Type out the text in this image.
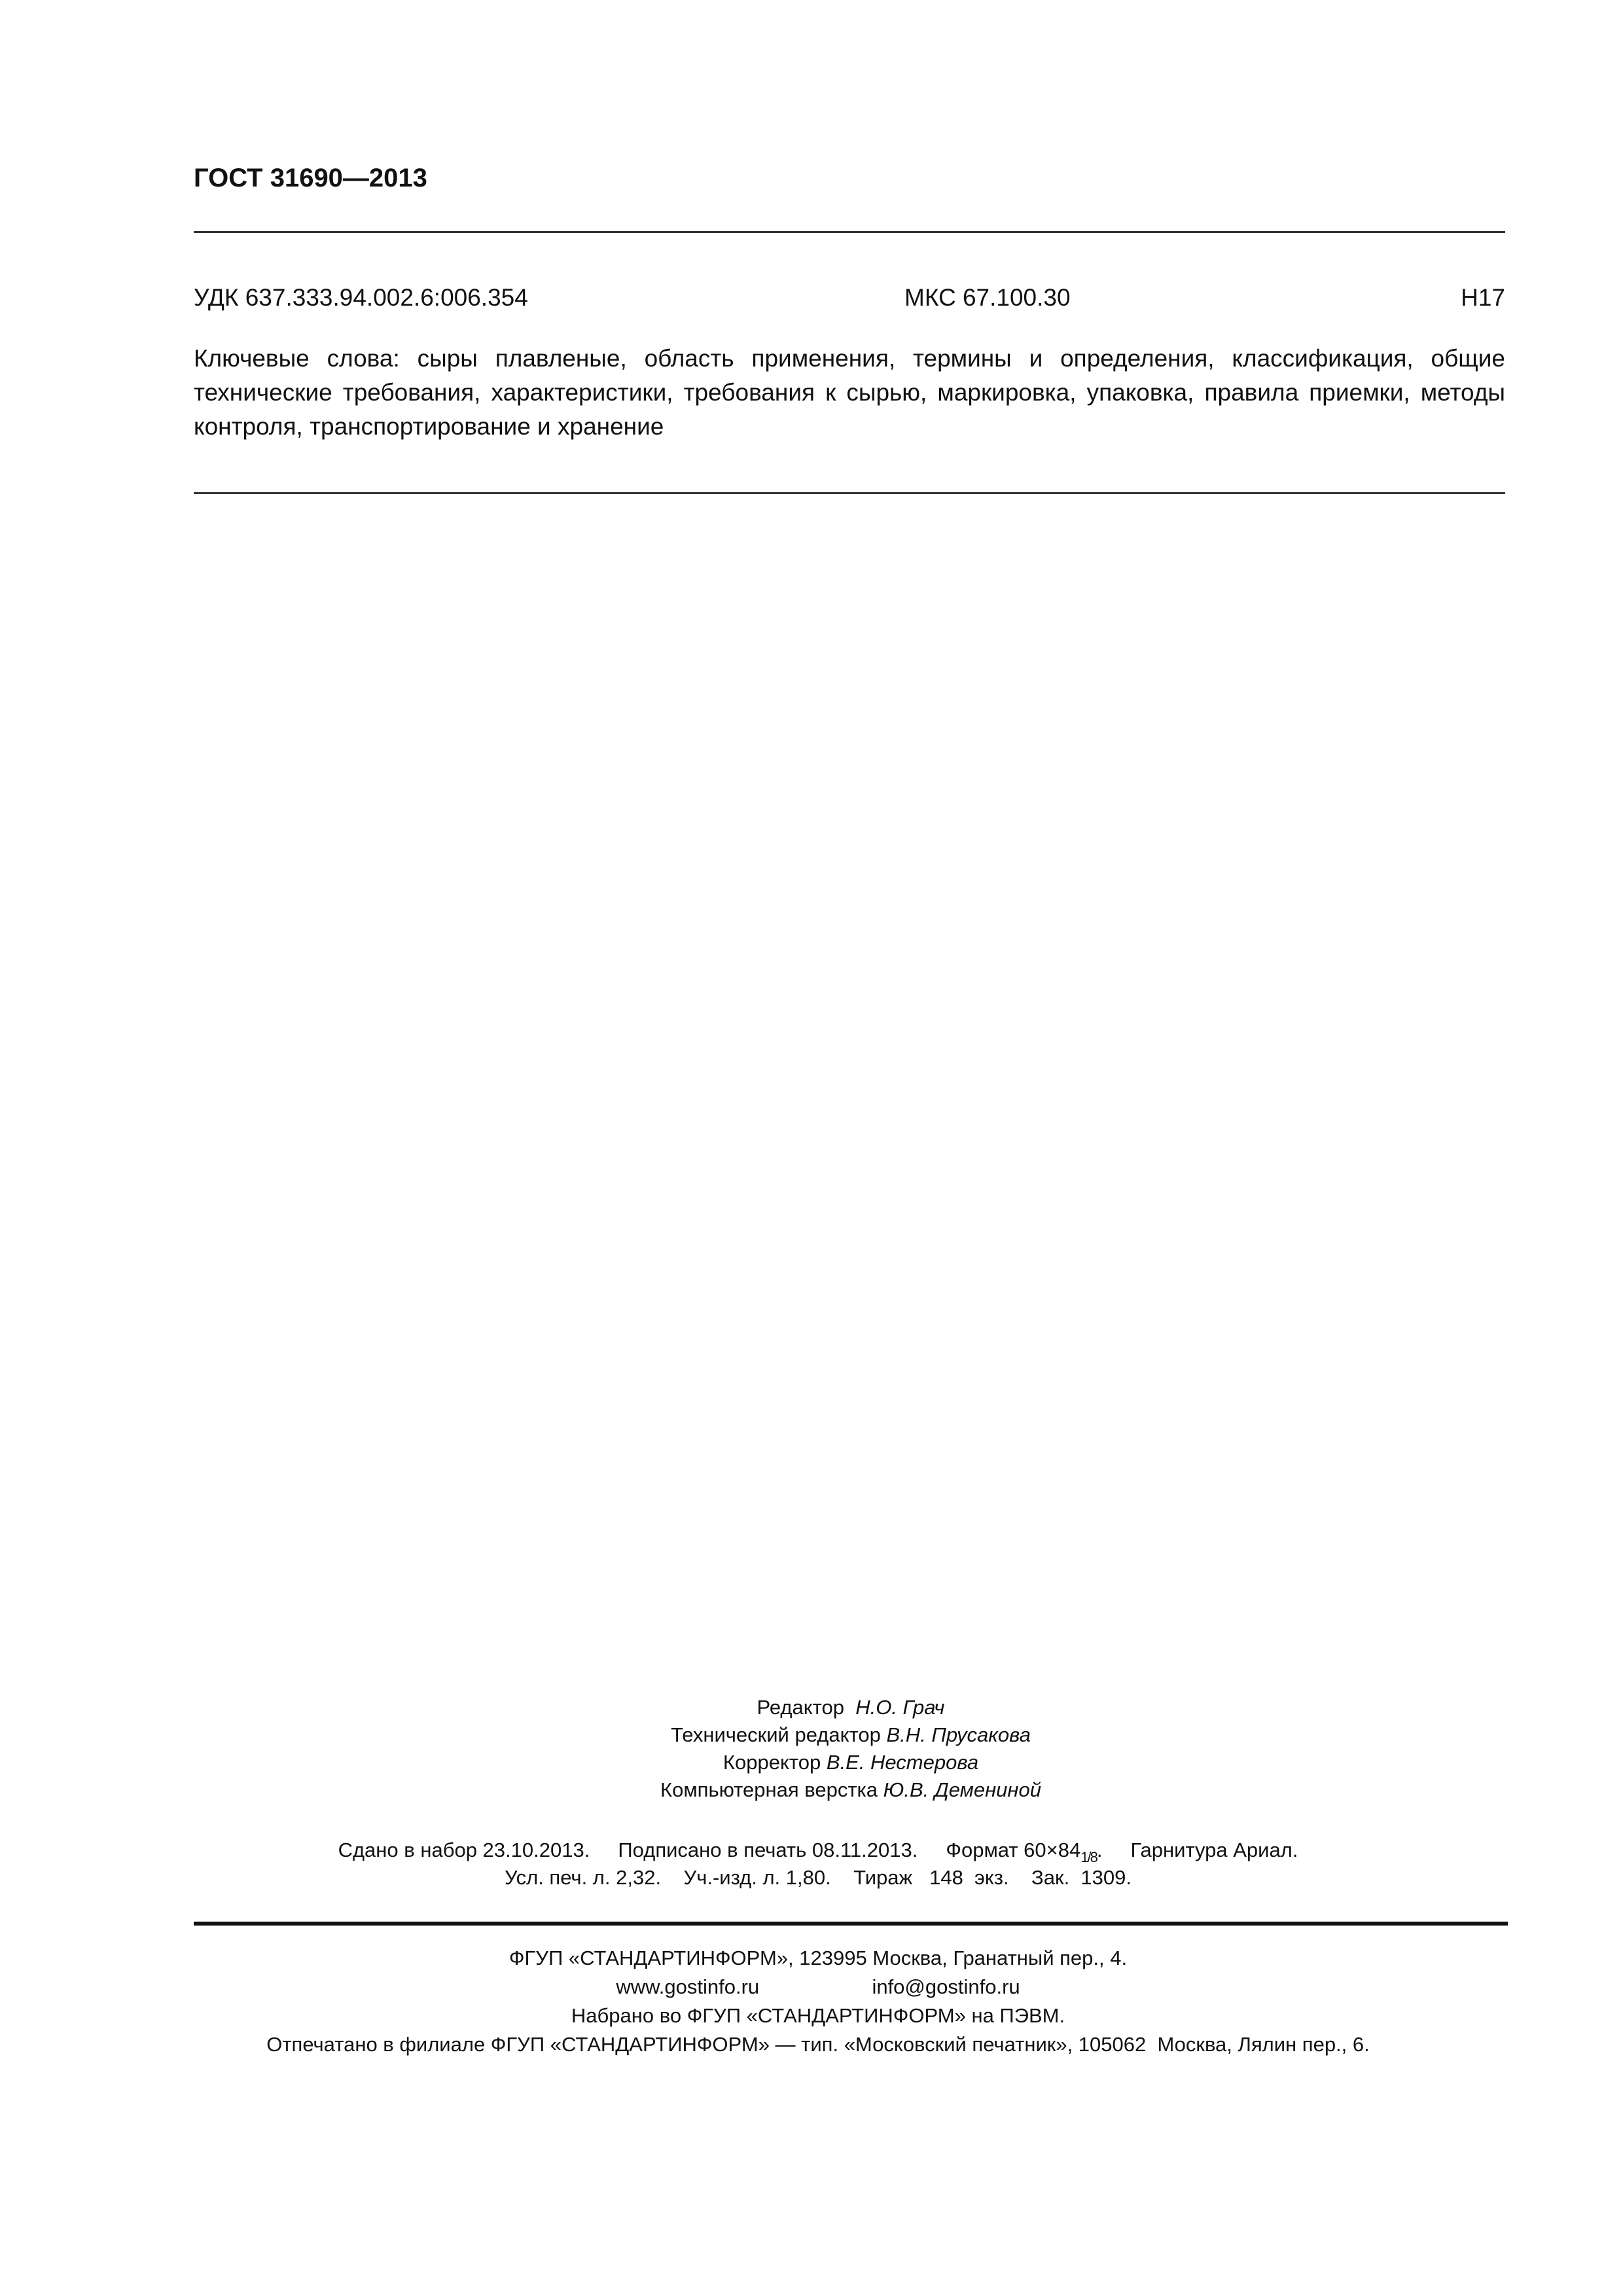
ГОСТ 31690—2013
УДК 637.333.94.002.6:006.354	МКС 67.100.30	Н17
Ключевые слова: сыры плавленые, область применения, термины и определения, классификация, общие технические требования, характеристики, требования к сырью, маркировка, упаковка, правила приемки, методы контроля, транспортирование и хранение
Редактор Н.О. Грач
Технический редактор В.Н. Прусакова
Корректор В.Е. Нестерова
Компьютерная верстка Ю.В. Демениной
Сдано в набор 23.10.2013.     Подписано в печать 08.11.2013.     Формат $60\times 84_{1/8}$.     Гарнитура Ариал.
Усл. печ. л. 2,32.    Уч.-изд. л. 1,80.    Тираж   148  экз.    Зак.  1309.
ФГУП «СТАНДАРТИНФОРМ», 123995 Москва, Гранатный пер., 4.
www.gostinfo.ru	info@gostinfo.ru
Набрано во ФГУП «СТАНДАРТИНФОРМ» на ПЭВМ.
Отпечатано в филиале ФГУП «СТАНДАРТИНФОРМ» — тип. «Московский печатник», 105062  Москва, Лялин пер., 6.
